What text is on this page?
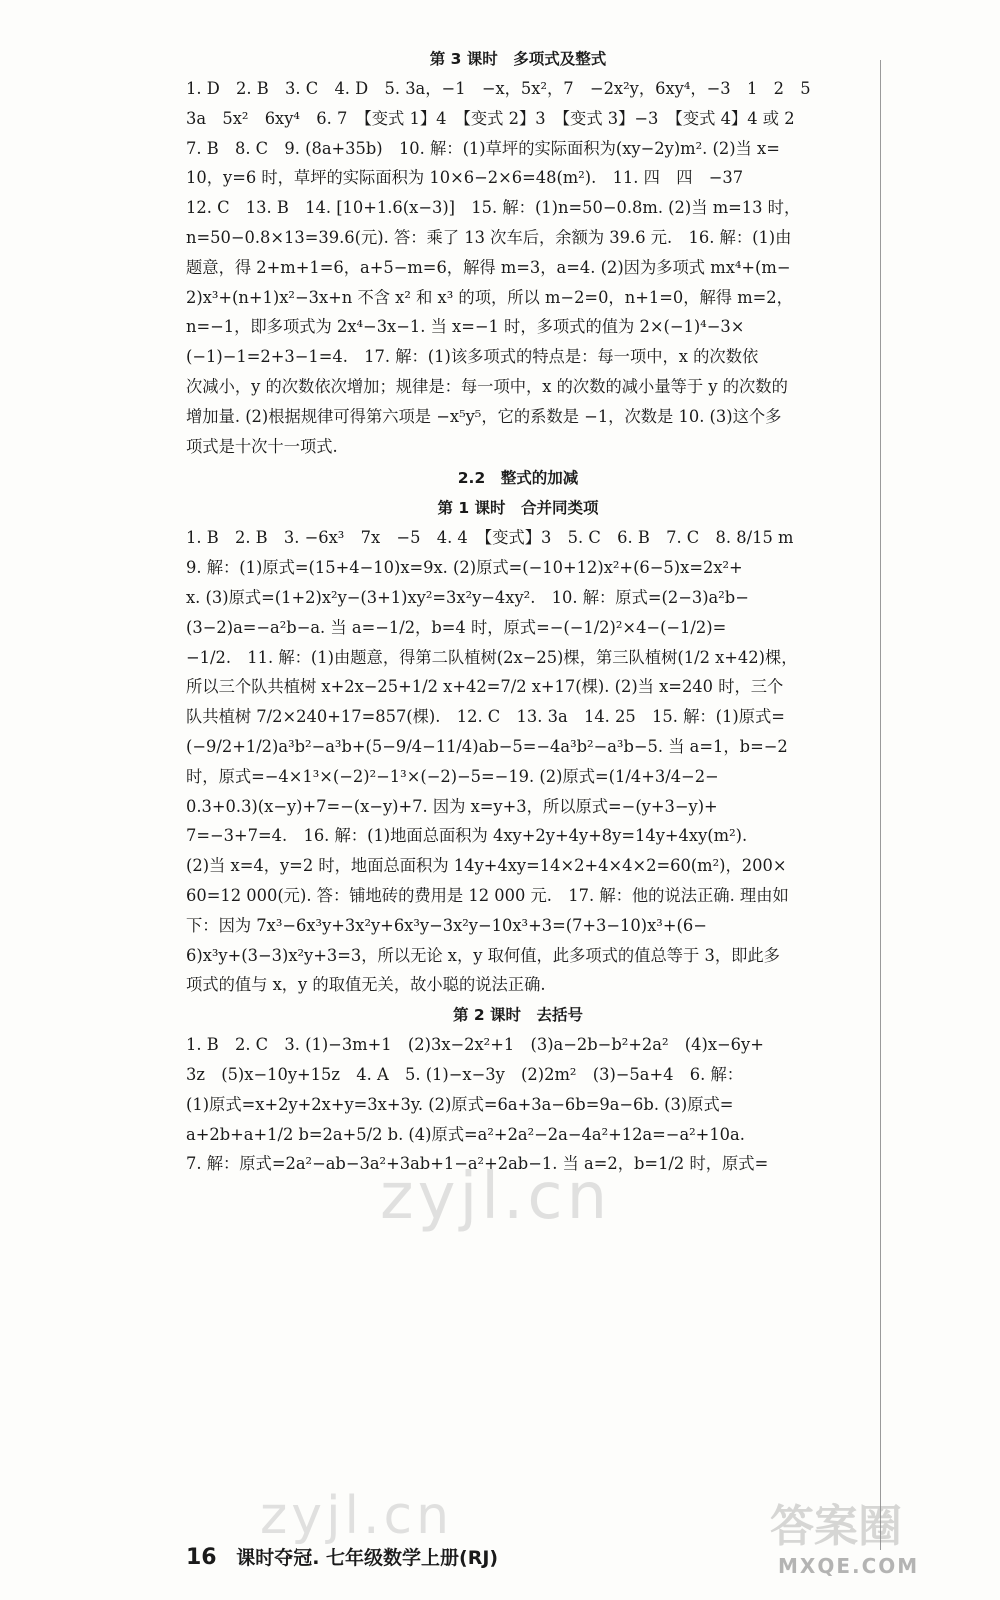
第 3 课时　多项式及整式

1. D　2. B　3. C　4. D　5. 3a，−1　−x，5x²，7　−2x²y，6xy⁴，−3　1　2　5

3a　5x²　6xy⁴　6. 7　【变式 1】4　【变式 2】3　【变式 3】−3　【变式 4】4 或 2

7. B　8. C　9. (8a+35b)　10. 解：(1)草坪的实际面积为(xy−2y)m². (2)当 x=

10，y=6 时，草坪的实际面积为 10×6−2×6=48(m²).　11. 四　四　−37

12. C　13. B　14. [10+1.6(x−3)]　15. 解：(1)n=50−0.8m. (2)当 m=13 时，

n=50−0.8×13=39.6(元). 答：乘了 13 次车后，余额为 39.6 元.　16. 解：(1)由

题意，得 2+m+1=6，a+5−m=6，解得 m=3，a=4. (2)因为多项式 mx⁴+(m−

2)x³+(n+1)x²−3x+n 不含 x² 和 x³ 的项，所以 m−2=0，n+1=0，解得 m=2，

n=−1，即多项式为 2x⁴−3x−1. 当 x=−1 时，多项式的值为 2×(−1)⁴−3×

(−1)−1=2+3−1=4.　17. 解：(1)该多项式的特点是：每一项中，x 的次数依

次减小，y 的次数依次增加；规律是：每一项中，x 的次数的减小量等于 y 的次数的

增加量. (2)根据规律可得第六项是 −x⁵y⁵，它的系数是 −1，次数是 10. (3)这个多

项式是十次十一项式.

2.2　整式的加减
第 1 课时　合并同类项

1. B　2. B　3. −6x³　7x　−5　4. 4　【变式】3　5. C　6. B　7. C　8. 8/15 m

9. 解：(1)原式=(15+4−10)x=9x. (2)原式=(−10+12)x²+(6−5)x=2x²+

x. (3)原式=(1+2)x²y−(3+1)xy²=3x²y−4xy².　10. 解：原式=(2−3)a²b−

(3−2)a=−a²b−a. 当 a=−1/2，b=4 时，原式=−(−1/2)²×4−(−1/2)=

−1/2.　11. 解：(1)由题意，得第二队植树(2x−25)棵，第三队植树(1/2 x+42)棵，

所以三个队共植树 x+2x−25+1/2 x+42=7/2 x+17(棵). (2)当 x=240 时，三个

队共植树 7/2×240+17=857(棵).　12. C　13. 3a　14. 25　15. 解：(1)原式=

(−9/2+1/2)a³b²−a³b+(5−9/4−11/4)ab−5=−4a³b²−a³b−5. 当 a=1，b=−2

时，原式=−4×1³×(−2)²−1³×(−2)−5=−19. (2)原式=(1/4+3/4−2−

0.3+0.3)(x−y)+7=−(x−y)+7. 因为 x=y+3，所以原式=−(y+3−y)+

7=−3+7=4.　16. 解：(1)地面总面积为 4xy+2y+4y+8y=14y+4xy(m²).

(2)当 x=4，y=2 时，地面总面积为 14y+4xy=14×2+4×4×2=60(m²)，200×

60=12 000(元). 答：铺地砖的费用是 12 000 元.　17. 解：他的说法正确. 理由如

下：因为 7x³−6x³y+3x²y+6x³y−3x²y−10x³+3=(7+3−10)x³+(6−

6)x³y+(3−3)x²y+3=3，所以无论 x，y 取何值，此多项式的值总等于 3，即此多

项式的值与 x，y 的取值无关，故小聪的说法正确.

第 2 课时　去括号

1. B　2. C　3. (1)−3m+1　(2)3x−2x²+1　(3)a−2b−b²+2a²　(4)x−6y+

3z　(5)x−10y+15z　4. A　5. (1)−x−3y　(2)2m²　(3)−5a+4　6. 解：

(1)原式=x+2y+2x+y=3x+3y. (2)原式=6a+3a−6b=9a−6b. (3)原式=

a+2b+a+1/2 b=2a+5/2 b. (4)原式=a²+2a²−2a−4a²+12a=−a²+10a.

7. 解：原式=2a²−ab−3a²+3ab+1−a²+2ab−1. 当 a=2，b=1/2 时，原式=

zyjl.cn
zyjl.cn
16 课时夺冠. 七年级数学上册(RJ)
答案圈
MXQE.COM
